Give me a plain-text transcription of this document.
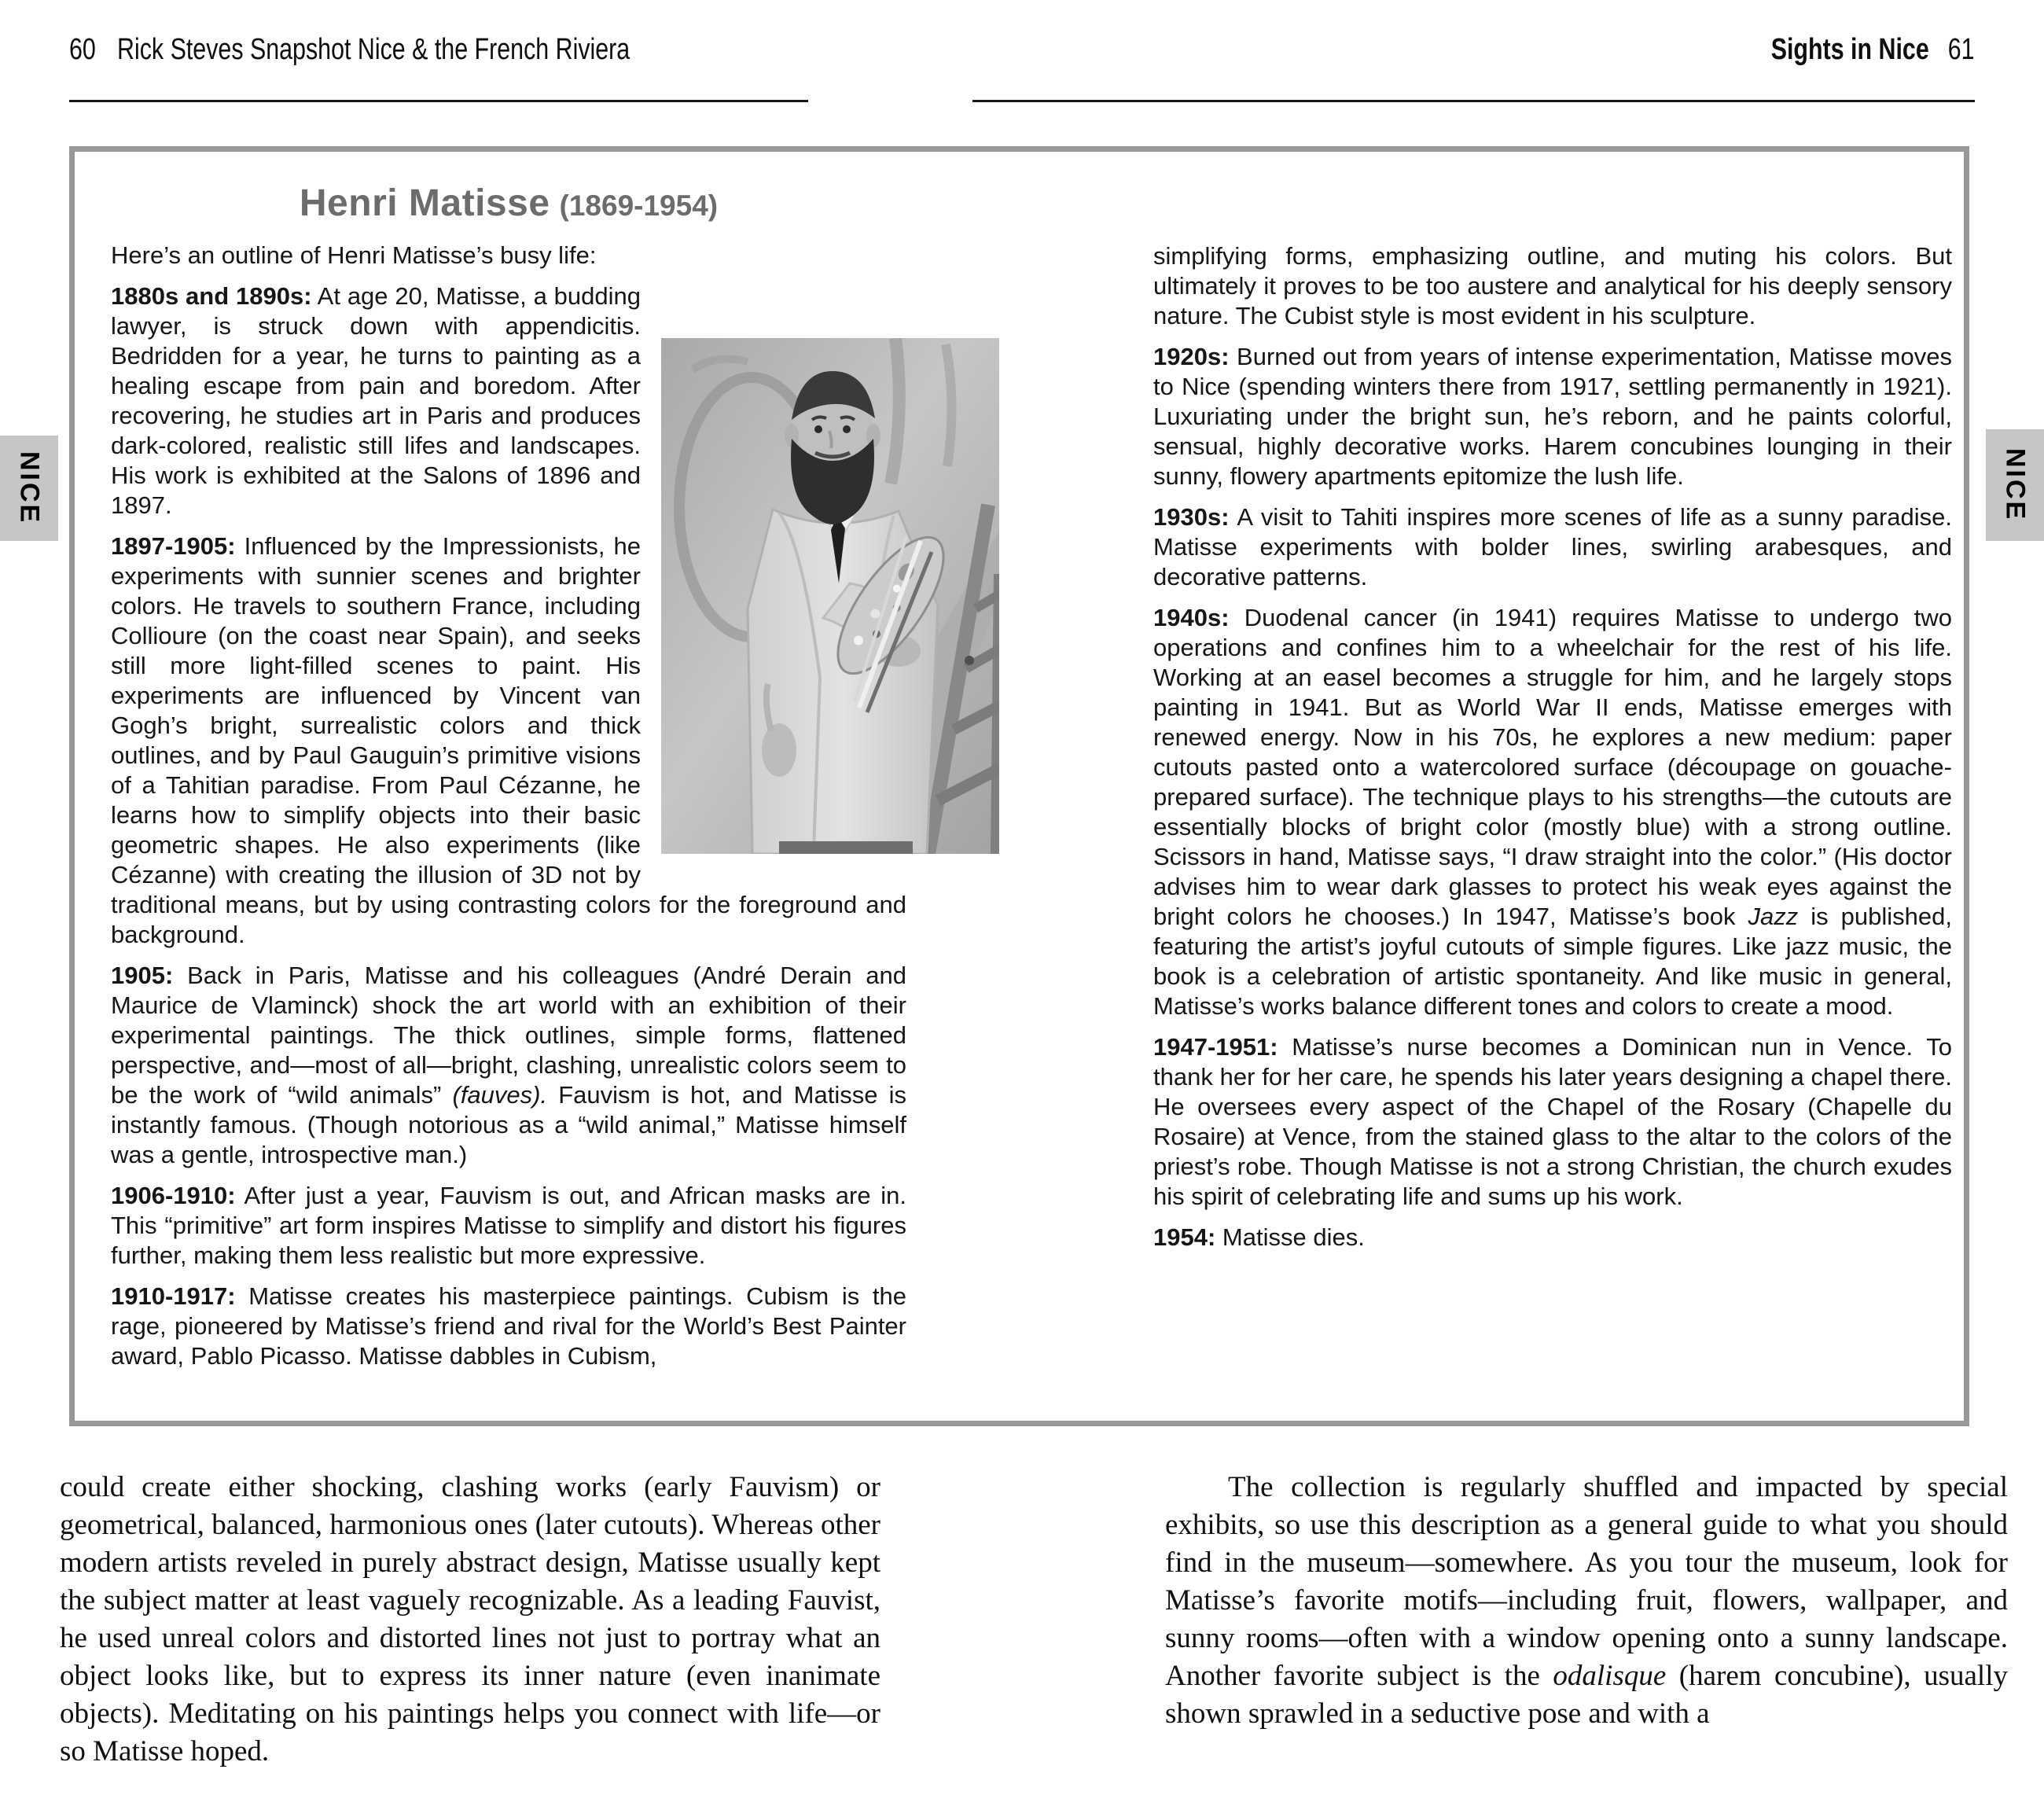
60 Rick Steves Snapshot Nice & the French Riviera	Sights in Nice 61
NICE	NICE
Henri Matisse (1869-1954)

Here’s an outline of Henri Matisse’s busy life:

1880s and 1890s: At age 20, Matisse, a budding lawyer, is struck down with appendicitis. Bedridden for a year, he turns to painting as a healing escape from pain and boredom. After recovering, he studies art in Paris and produces dark-colored, realistic still lifes and landscapes. His work is exhibited at the Salons of 1896 and 1897.

1897-1905: Influenced by the Impressionists, he experiments with sunnier scenes and brighter colors. He travels to southern France, including Collioure (on the coast near Spain), and seeks still more light-filled scenes to paint. His experiments are influenced by Vincent van Gogh’s bright, surrealistic colors and thick outlines, and by Paul Gauguin’s primitive visions of a Tahitian paradise. From Paul Cézanne, he learns how to simplify objects into their basic geometric shapes. He also experiments (like Cézanne) with creating the illusion of 3D not by traditional means, but by using contrasting colors for the foreground and background.

1905: Back in Paris, Matisse and his colleagues (André Derain and Maurice de Vlaminck) shock the art world with an exhibition of their experimental paintings. The thick outlines, simple forms, flattened perspective, and—most of all—bright, clashing, unrealistic colors seem to be the work of “wild animals” (fauves). Fauvism is hot, and Matisse is instantly famous. (Though notorious as a “wild animal,” Matisse himself was a gentle, introspective man.)

1906-1910: After just a year, Fauvism is out, and African masks are in. This “primitive” art form inspires Matisse to simplify and distort his figures further, making them less realistic but more expressive.

1910-1917: Matisse creates his masterpiece paintings. Cubism is the rage, pioneered by Matisse’s friend and rival for the World’s Best Painter award, Pablo Picasso. Matisse dabbles in Cubism,

simplifying forms, emphasizing outline, and muting his colors. But ultimately it proves to be too austere and analytical for his deeply sensory nature. The Cubist style is most evident in his sculpture.

1920s: Burned out from years of intense experimentation, Matisse moves to Nice (spending winters there from 1917, settling permanently in 1921). Luxuriating under the bright sun, he’s reborn, and he paints colorful, sensual, highly decorative works. Harem concubines lounging in their sunny, flowery apartments epitomize the lush life.

1930s: A visit to Tahiti inspires more scenes of life as a sunny paradise. Matisse experiments with bolder lines, swirling arabesques, and decorative patterns.

1940s: Duodenal cancer (in 1941) requires Matisse to undergo two operations and confines him to a wheelchair for the rest of his life. Working at an easel becomes a struggle for him, and he largely stops painting in 1941. But as World War II ends, Matisse emerges with renewed energy. Now in his 70s, he explores a new medium: paper cutouts pasted onto a watercolored surface (découpage on gouache-prepared surface). The technique plays to his strengths—the cutouts are essentially blocks of bright color (mostly blue) with a strong outline. Scissors in hand, Matisse says, “I draw straight into the color.” (His doctor advises him to wear dark glasses to protect his weak eyes against the bright colors he chooses.) In 1947, Matisse’s book Jazz is published, featuring the artist’s joyful cutouts of simple figures. Like jazz music, the book is a celebration of artistic spontaneity. And like music in general, Matisse’s works balance different tones and colors to create a mood.

1947-1951: Matisse’s nurse becomes a Dominican nun in Vence. To thank her for her care, he spends his later years designing a chapel there. He oversees every aspect of the Chapel of the Rosary (Chapelle du Rosaire) at Vence, from the stained glass to the altar to the colors of the priest’s robe. Though Matisse is not a strong Christian, the church exudes his spirit of celebrating life and sums up his work.

1954: Matisse dies.

could create either shocking, clashing works (early Fauvism) or geometrical, balanced, harmonious ones (later cutouts). Whereas other modern artists reveled in purely abstract design, Matisse usually kept the subject matter at least vaguely recognizable. As a leading Fauvist, he used unreal colors and distorted lines not just to portray what an object looks like, but to express its inner nature (even inanimate objects). Meditating on his paintings helps you connect with life—or so Matisse hoped.

The collection is regularly shuffled and impacted by special exhibits, so use this description as a general guide to what you should find in the museum—somewhere. As you tour the museum, look for Matisse’s favorite motifs—including fruit, flowers, wallpaper, and sunny rooms—often with a window opening onto a sunny landscape. Another favorite subject is the odalisque (harem concubine), usually shown sprawled in a seductive pose and with a
